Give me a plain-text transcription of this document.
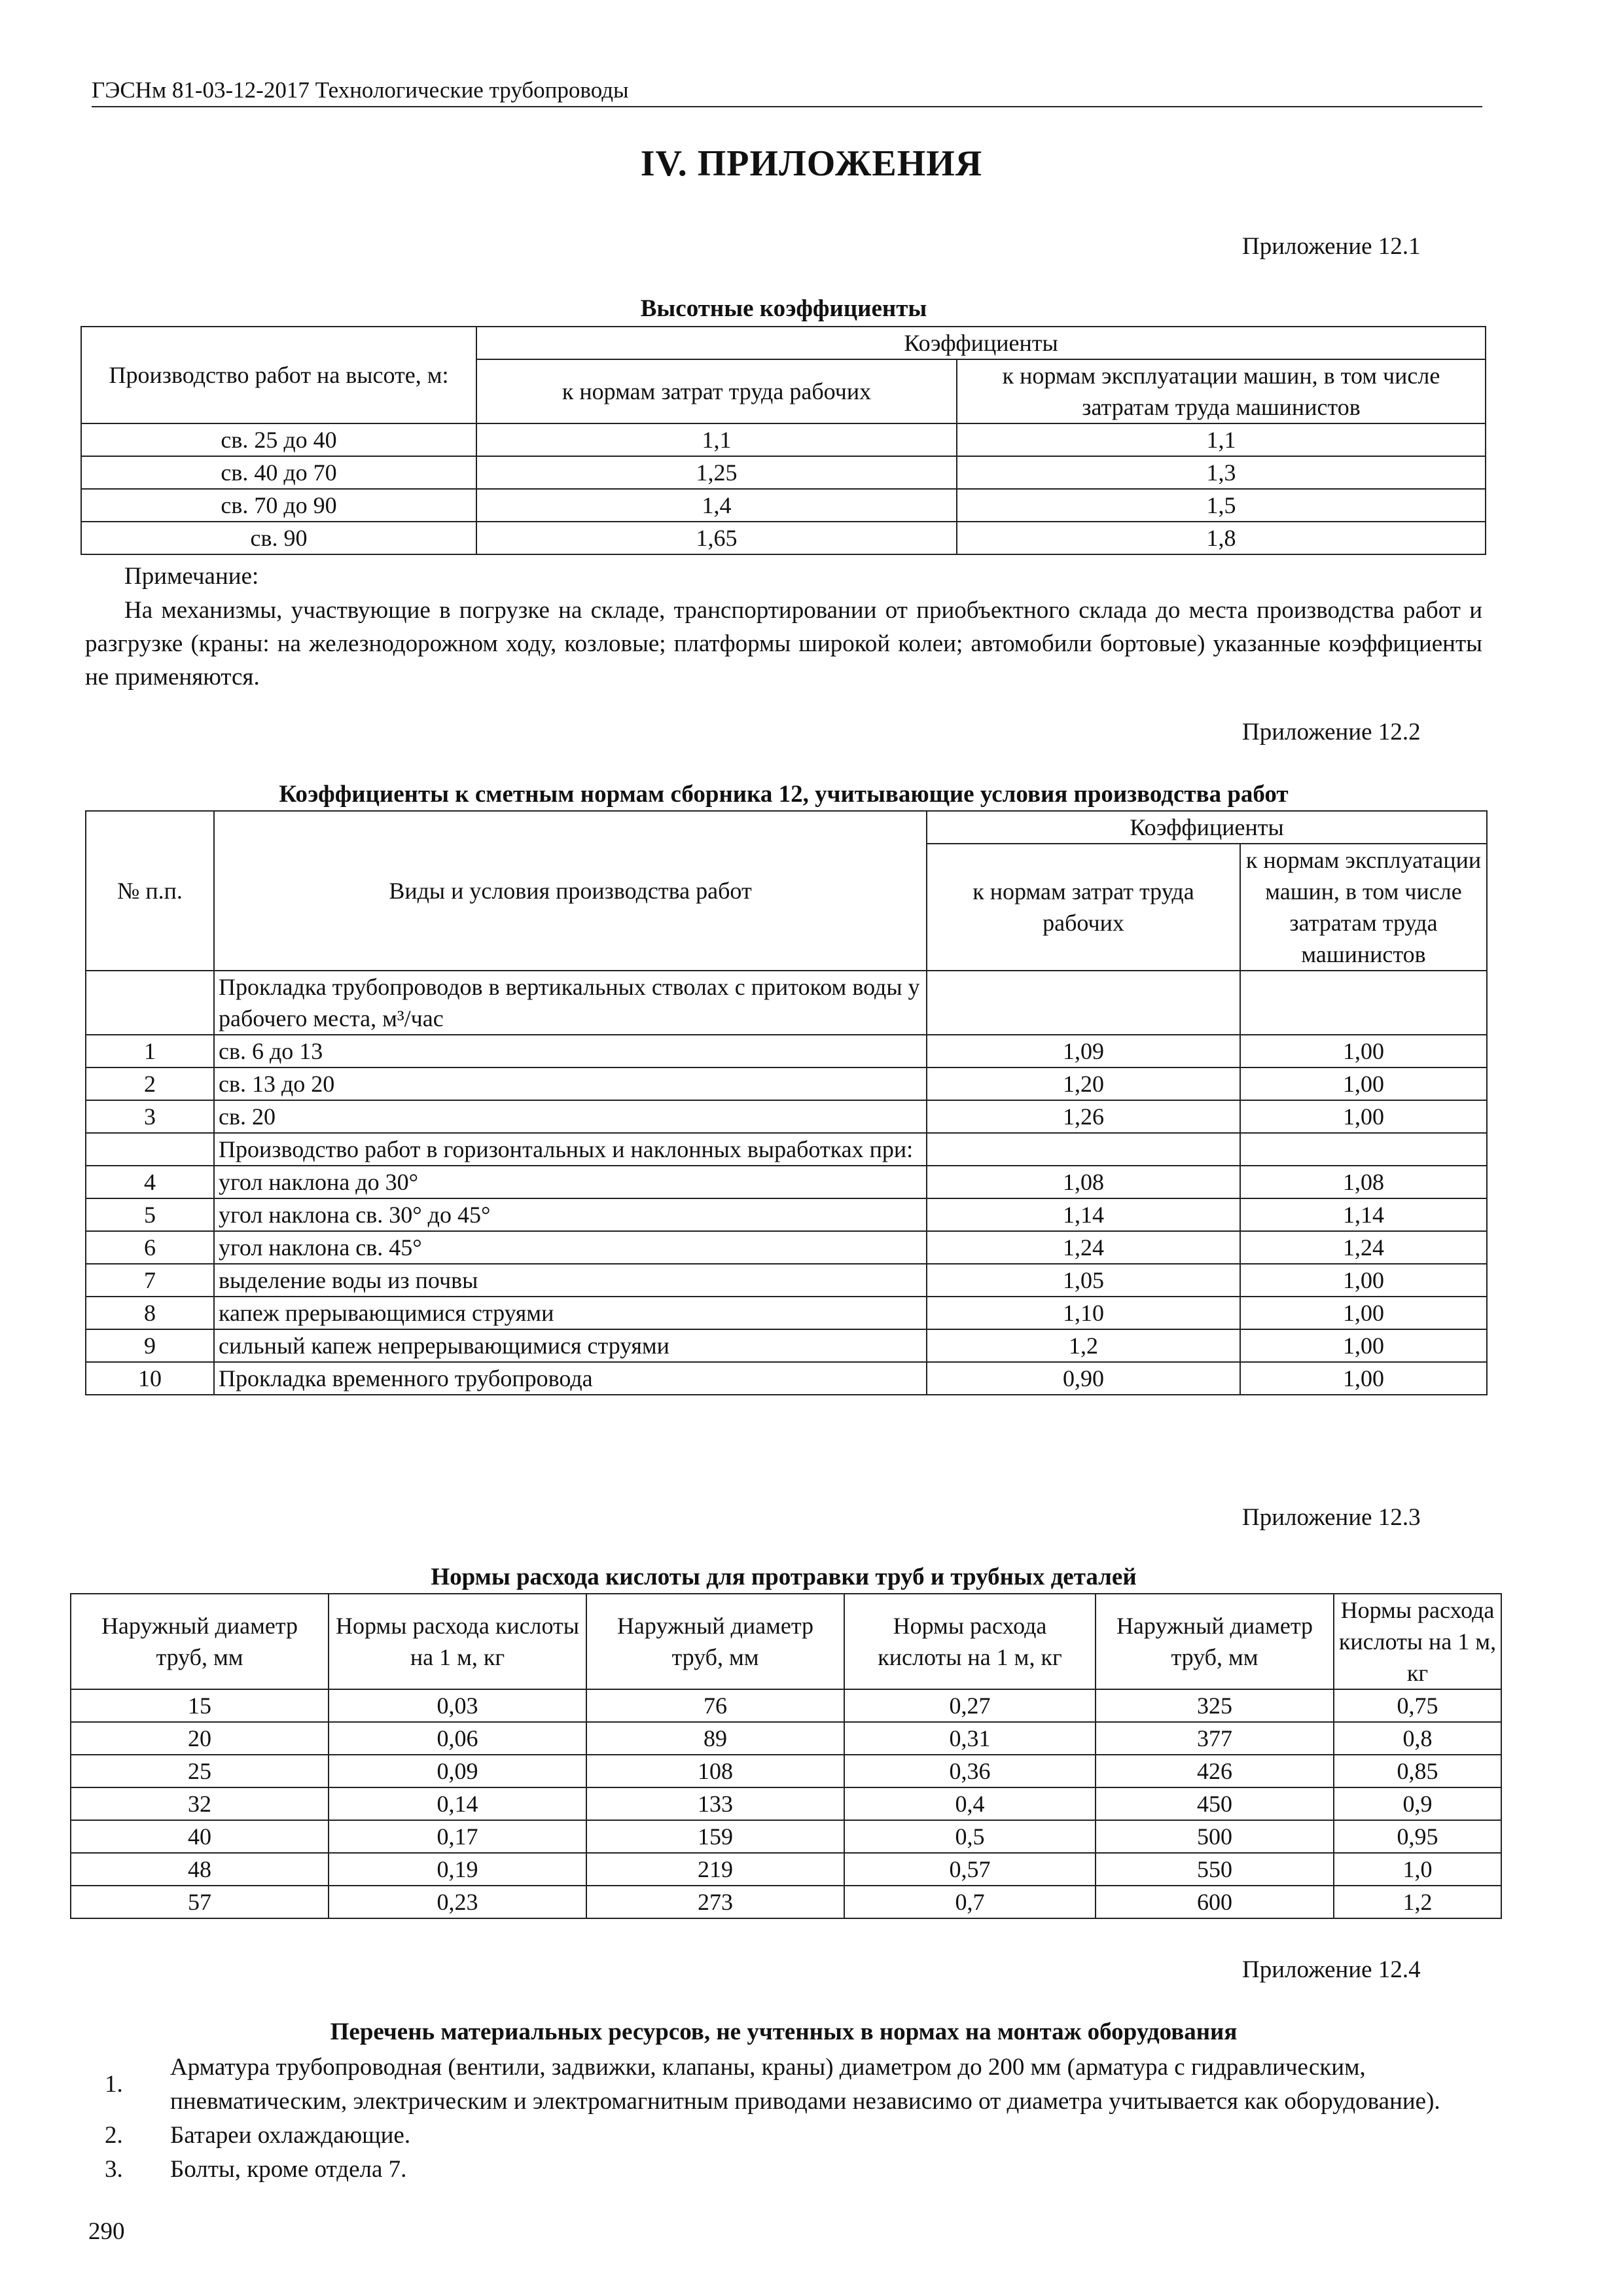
ГЭСНм 81-03-12-2017 Технологические трубопроводы
IV. ПРИЛОЖЕНИЯ
Приложение 12.1
Высотные коэффициенты
Производство работ на высоте, м:	Коэффициенты	
	к нормам затрат труда рабочих	к нормам эксплуатации машин, в том числе затратам труда машинистов
св. 25 до 40	1,1	1,1
св. 40 до 70	1,25	1,3
св. 70 до 90	1,4	1,5
св. 90	1,65	1,8
Примечание:
На механизмы, участвующие в погрузке на складе, транспортировании от приобъектного склада до места производства работ и разгрузке (краны: на железнодорожном ходу, козловые; платформы широкой колеи; автомобили бортовые) указанные коэффициенты не применяются.
Приложение 12.2
Коэффициенты к сметным нормам сборника 12, учитывающие условия производства работ
№ п.п.	Виды и условия производства работ	Коэффициенты	
		к нормам затрат труда рабочих	к нормам эксплуатации машин, в том числе затратам труда машинистов
	Прокладка трубопроводов в вертикальных стволах с притоком воды у рабочего места, м³/час		
1	св. 6 до 13	1,09	1,00
2	св. 13 до 20	1,20	1,00
3	св. 20	1,26	1,00
	Производство работ в горизонтальных и наклонных выработках при:		
4	угол наклона до 30°	1,08	1,08
5	угол наклона св. 30° до 45°	1,14	1,14
6	угол наклона св. 45°	1,24	1,24
7	выделение воды из почвы	1,05	1,00
8	капеж прерывающимися струями	1,10	1,00
9	сильный капеж непрерывающимися струями	1,2	1,00
10	Прокладка временного трубопровода	0,90	1,00
Приложение 12.3
Нормы расхода кислоты для протравки труб и трубных деталей
Наружный диаметр труб, мм	Нормы расхода кислоты на 1 м, кг	Наружный диаметр труб, мм	Нормы расхода кислоты на 1 м, кг	Наружный диаметр труб, мм	Нормы расхода кислоты на 1 м, кг
15	0,03	76	0,27	325	0,75
20	0,06	89	0,31	377	0,8
25	0,09	108	0,36	426	0,85
32	0,14	133	0,4	450	0,9
40	0,17	159	0,5	500	0,95
48	0,19	219	0,57	550	1,0
57	0,23	273	0,7	600	1,2
Приложение 12.4
Перечень материальных ресурсов, не учтенных в нормах на монтаж оборудования
1.
Арматура трубопроводная (вентили, задвижки, клапаны, краны) диаметром до 200 мм (арматура с гидравлическим, пневматическим, электрическим и электромагнитным приводами независимо от диаметра учитывается как оборудование).
2.	Батареи охлаждающие.
3.	Болты, кроме отдела 7.
290
